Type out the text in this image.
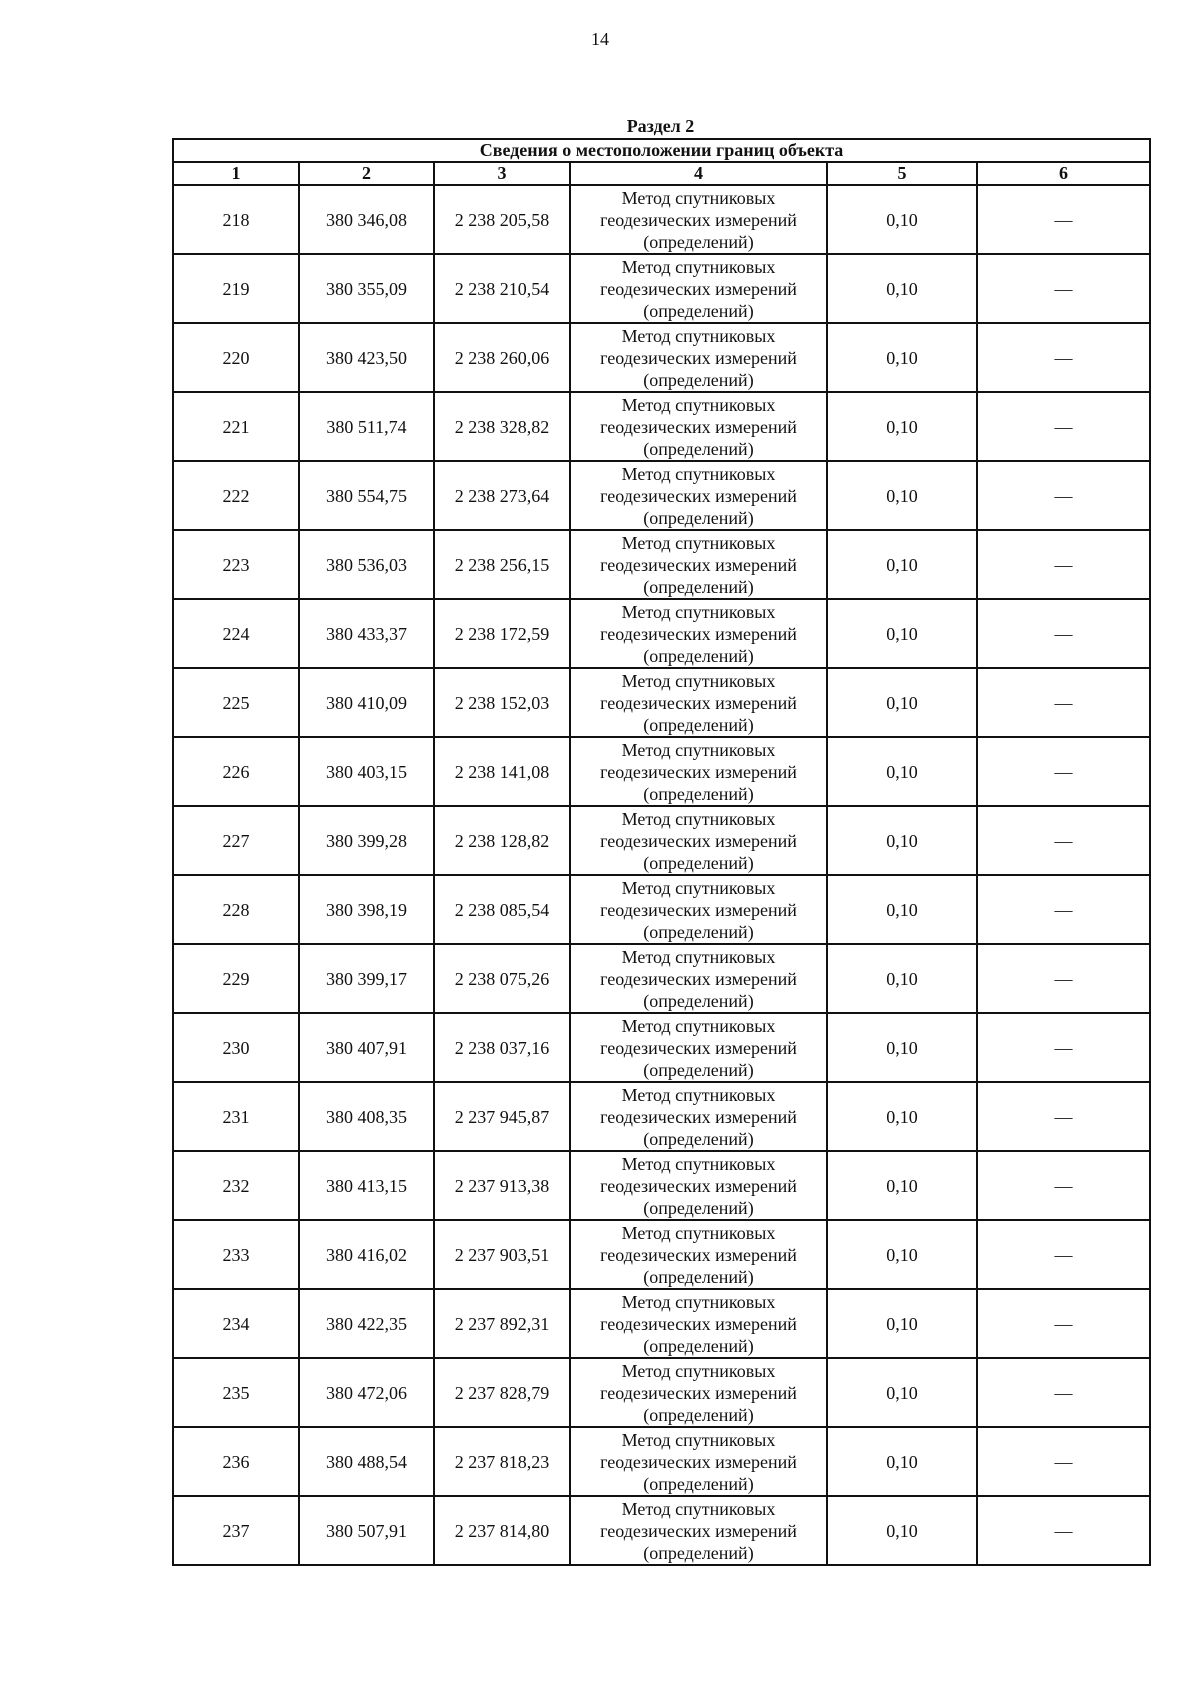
14
Раздел 2
Сведения о местоположении границ объекта					
1	2	3	4	5	6
218	380 346,08	2 238 205,58	Метод спутниковых
геодезических измерений
(определений)	0,10	—
219	380 355,09	2 238 210,54	Метод спутниковых
геодезических измерений
(определений)	0,10	—
220	380 423,50	2 238 260,06	Метод спутниковых
геодезических измерений
(определений)	0,10	—
221	380 511,74	2 238 328,82	Метод спутниковых
геодезических измерений
(определений)	0,10	—
222	380 554,75	2 238 273,64	Метод спутниковых
геодезических измерений
(определений)	0,10	—
223	380 536,03	2 238 256,15	Метод спутниковых
геодезических измерений
(определений)	0,10	—
224	380 433,37	2 238 172,59	Метод спутниковых
геодезических измерений
(определений)	0,10	—
225	380 410,09	2 238 152,03	Метод спутниковых
геодезических измерений
(определений)	0,10	—
226	380 403,15	2 238 141,08	Метод спутниковых
геодезических измерений
(определений)	0,10	—
227	380 399,28	2 238 128,82	Метод спутниковых
геодезических измерений
(определений)	0,10	—
228	380 398,19	2 238 085,54	Метод спутниковых
геодезических измерений
(определений)	0,10	—
229	380 399,17	2 238 075,26	Метод спутниковых
геодезических измерений
(определений)	0,10	—
230	380 407,91	2 238 037,16	Метод спутниковых
геодезических измерений
(определений)	0,10	—
231	380 408,35	2 237 945,87	Метод спутниковых
геодезических измерений
(определений)	0,10	—
232	380 413,15	2 237 913,38	Метод спутниковых
геодезических измерений
(определений)	0,10	—
233	380 416,02	2 237 903,51	Метод спутниковых
геодезических измерений
(определений)	0,10	—
234	380 422,35	2 237 892,31	Метод спутниковых
геодезических измерений
(определений)	0,10	—
235	380 472,06	2 237 828,79	Метод спутниковых
геодезических измерений
(определений)	0,10	—
236	380 488,54	2 237 818,23	Метод спутниковых
геодезических измерений
(определений)	0,10	—
237	380 507,91	2 237 814,80	Метод спутниковых
геодезических измерений
(определений)	0,10	—
